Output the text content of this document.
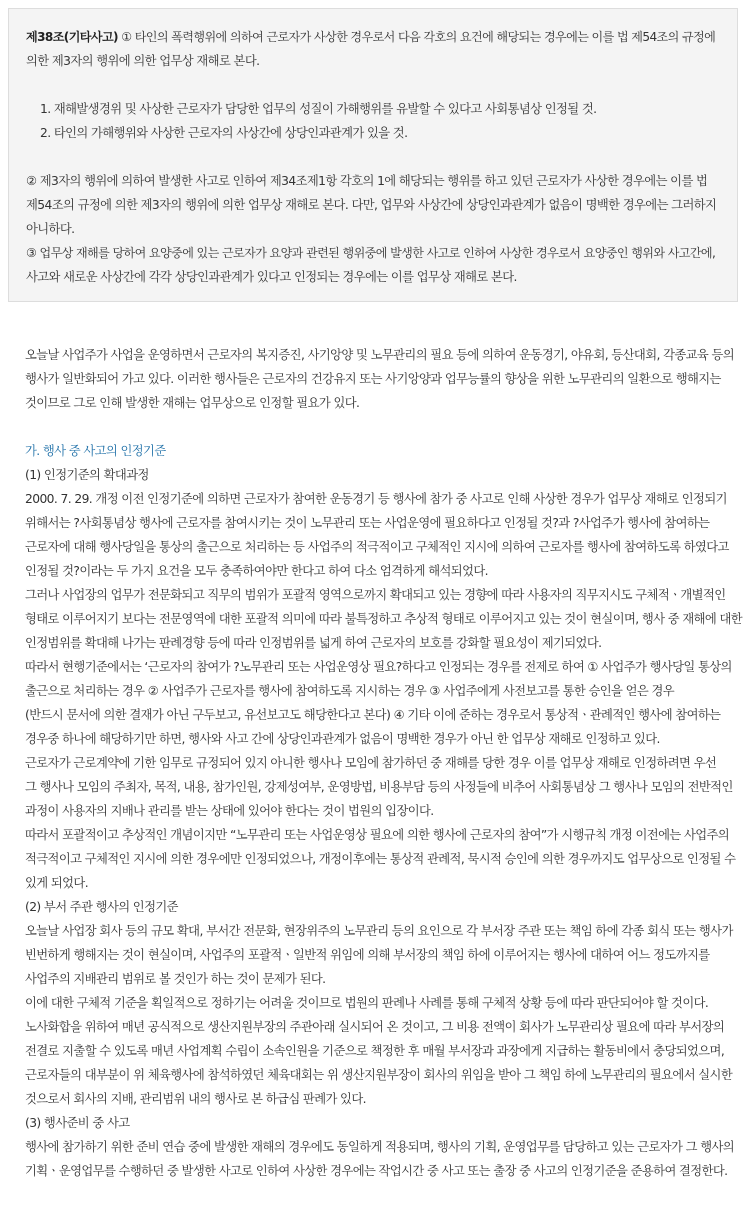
제38조(기타사고) ① 타인의 폭력행위에 의하여 근로자가 사상한 경우로서 다음 각호의 요건에 해당되는 경우에는 이를 법 제54조의 규정에
의한 제3자의 행위에 의한 업무상 재해로 본다.
1. 재해발생경위 및 사상한 근로자가 담당한 업무의 성질이 가해행위를 유발할 수 있다고 사회통념상 인정될 것.
2. 타인의 가해행위와 사상한 근로자의 사상간에 상당인과관계가 있을 것.
② 제3자의 행위에 의하여 발생한 사고로 인하여 제34조제1항 각호의 1에 해당되는 행위를 하고 있던 근로자가 사상한 경우에는 이를 법
제54조의 규정에 의한 제3자의 행위에 의한 업무상 재해로 본다. 다만, 업무와 사상간에 상당인과관계가 없음이 명백한 경우에는 그러하지
아니하다.
③ 업무상 재해를 당하여 요양중에 있는 근로자가 요양과 관련된 행위중에 발생한 사고로 인하여 사상한 경우로서 요양중인 행위와 사고간에,
사고와 새로운 사상간에 각각 상당인과관계가 있다고 인정되는 경우에는 이를 업무상 재해로 본다.
오늘날 사업주가 사업을 운영하면서 근로자의 복지증진, 사기앙양 및 노무관리의 필요 등에 의하여 운동경기, 야유회, 등산대회, 각종교육 등의
행사가 일반화되어 가고 있다. 이러한 행사들은 근로자의 건강유지 또는 사기앙양과 업무능률의 향상을 위한 노무관리의 일환으로 행해지는
것이므로 그로 인해 발생한 재해는 업무상으로 인정할 필요가 있다.
가. 행사 중 사고의 인정기준
(1) 인정기준의 확대과정
2000. 7. 29. 개정 이전 인정기준에 의하면 근로자가 참여한 운동경기 등 행사에 참가 중 사고로 인해 사상한 경우가 업무상 재해로 인정되기
위해서는 ?사회통념상 행사에 근로자를 참여시키는 것이 노무관리 또는 사업운영에 필요하다고 인정될 것?과 ?사업주가 행사에 참여하는
근로자에 대해 행사당일을 통상의 출근으로 처리하는 등 사업주의 적극적이고 구체적인 지시에 의하여 근로자를 행사에 참여하도록 하였다고
인정될 것?이라는 두 가지 요건을 모두 충족하여야만 한다고 하여 다소 엄격하게 해석되었다.
그러나 사업장의 업무가 전문화되고 직무의 범위가 포괄적 영역으로까지 확대되고 있는 경향에 따라 사용자의 직무지시도 구체적ㆍ개별적인
형태로 이루어지기 보다는 전문영역에 대한 포괄적 의미에 따라 불특정하고 추상적 형태로 이루어지고 있는 것이 현실이며, 행사 중 재해에 대한
인정범위를 확대해 나가는 판례경향 등에 따라 인정범위를 넓게 하여 근로자의 보호를 강화할 필요성이 제기되었다.
따라서 현행기준에서는 ‘근로자의 참여가 ?노무관리 또는 사업운영상 필요?하다고 인정되는 경우를 전제로 하여 ① 사업주가 행사당일 통상의
출근으로 처리하는 경우 ② 사업주가 근로자를 행사에 참여하도록 지시하는 경우 ③ 사업주에게 사전보고를 통한 승인을 얻은 경우
(반드시 문서에 의한 결재가 아닌 구두보고, 유선보고도 해당한다고 본다) ④ 기타 이에 준하는 경우로서 통상적ㆍ관례적인 행사에 참여하는
경우중 하나에 해당하기만 하면, 행사와 사고 간에 상당인과관계가 없음이 명백한 경우가 아닌 한 업무상 재해로 인정하고 있다.
근로자가 근로계약에 기한 임무로 규정되어 있지 아니한 행사나 모임에 참가하던 중 재해를 당한 경우 이를 업무상 재해로 인정하려면 우선
그 행사나 모임의 주최자, 목적, 내용, 참가인원, 강제성여부, 운영방법, 비용부담 등의 사정들에 비추어 사회통념상 그 행사나 모임의 전반적인
과정이 사용자의 지배나 관리를 받는 상태에 있어야 한다는 것이 법원의 입장이다.
따라서 포괄적이고 추상적인 개념이지만 “노무관리 또는 사업운영상 필요에 의한 행사에 근로자의 참여”가 시행규칙 개정 이전에는 사업주의
적극적이고 구체적인 지시에 의한 경우에만 인정되었으나, 개정이후에는 통상적 관례적, 묵시적 승인에 의한 경우까지도 업무상으로 인정될 수
있게 되었다.
(2) 부서 주관 행사의 인정기준
오늘날 사업장 회사 등의 규모 확대, 부서간 전문화, 현장위주의 노무관리 등의 요인으로 각 부서장 주관 또는 책임 하에 각종 회식 또는 행사가
빈번하게 행해지는 것이 현실이며, 사업주의 포괄적ㆍ일반적 위임에 의해 부서장의 책임 하에 이루어지는 행사에 대하여 어느 정도까지를
사업주의 지배관리 범위로 볼 것인가 하는 것이 문제가 된다.
이에 대한 구체적 기준을 획일적으로 정하기는 어려울 것이므로 법원의 판례나 사례를 통해 구체적 상황 등에 따라 판단되어야 할 것이다.
노사화합을 위하여 매년 공식적으로 생산지원부장의 주관아래 실시되어 온 것이고, 그 비용 전액이 회사가 노무관리상 필요에 따라 부서장의
전결로 지출할 수 있도록 매년 사업계획 수립이 소속인원을 기준으로 책정한 후 매월 부서장과 과장에게 지급하는 활동비에서 충당되었으며,
근로자들의 대부분이 위 체육행사에 참석하였던 체육대회는 위 생산지원부장이 회사의 위임을 받아 그 책임 하에 노무관리의 필요에서 실시한
것으로서 회사의 지배, 관리범위 내의 행사로 본 하급심 판례가 있다.
(3) 행사준비 중 사고
행사에 참가하기 위한 준비 연습 중에 발생한 재해의 경우에도 동일하게 적용되며, 행사의 기획, 운영업무를 담당하고 있는 근로자가 그 행사의
기획ㆍ운영업무를 수행하던 중 발생한 사고로 인하여 사상한 경우에는 작업시간 중 사고 또는 출장 중 사고의 인정기준을 준용하여 결정한다.
